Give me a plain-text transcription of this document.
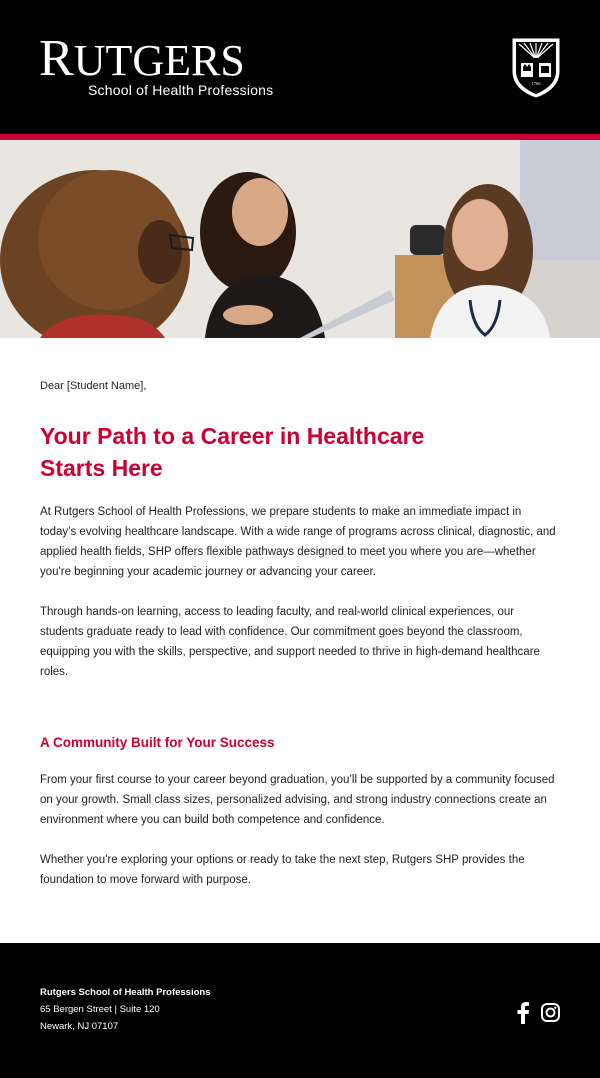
RUTGERS
School of Health Professions	1766
Dear [Student Name],
Your Path to a Career in Healthcare
Starts Here

At Rutgers School of Health Professions, we prepare students to make an immediate impact in today’s evolving healthcare landscape. With a wide range of programs across clinical, diagnostic, and applied health fields, SHP offers flexible pathways designed to meet you where you are—whether you're beginning your academic journey or advancing your career.

Through hands-on learning, access to leading faculty, and real-world clinical experiences, our students graduate ready to lead with confidence. Our commitment goes beyond the classroom, equipping you with the skills, perspective, and support needed to thrive in high-demand healthcare roles.

A Community Built for Your Success

From your first course to your career beyond graduation, you’ll be supported by a community focused on your growth. Small class sizes, personalized advising, and strong industry connections create an environment where you can build both competence and confidence.

Whether you're exploring your options or ready to take the next step, Rutgers SHP provides the foundation to move forward with purpose.

Rutgers School of Health Professions
65 Bergen Street | Suite 120
Newark, NJ 07107
